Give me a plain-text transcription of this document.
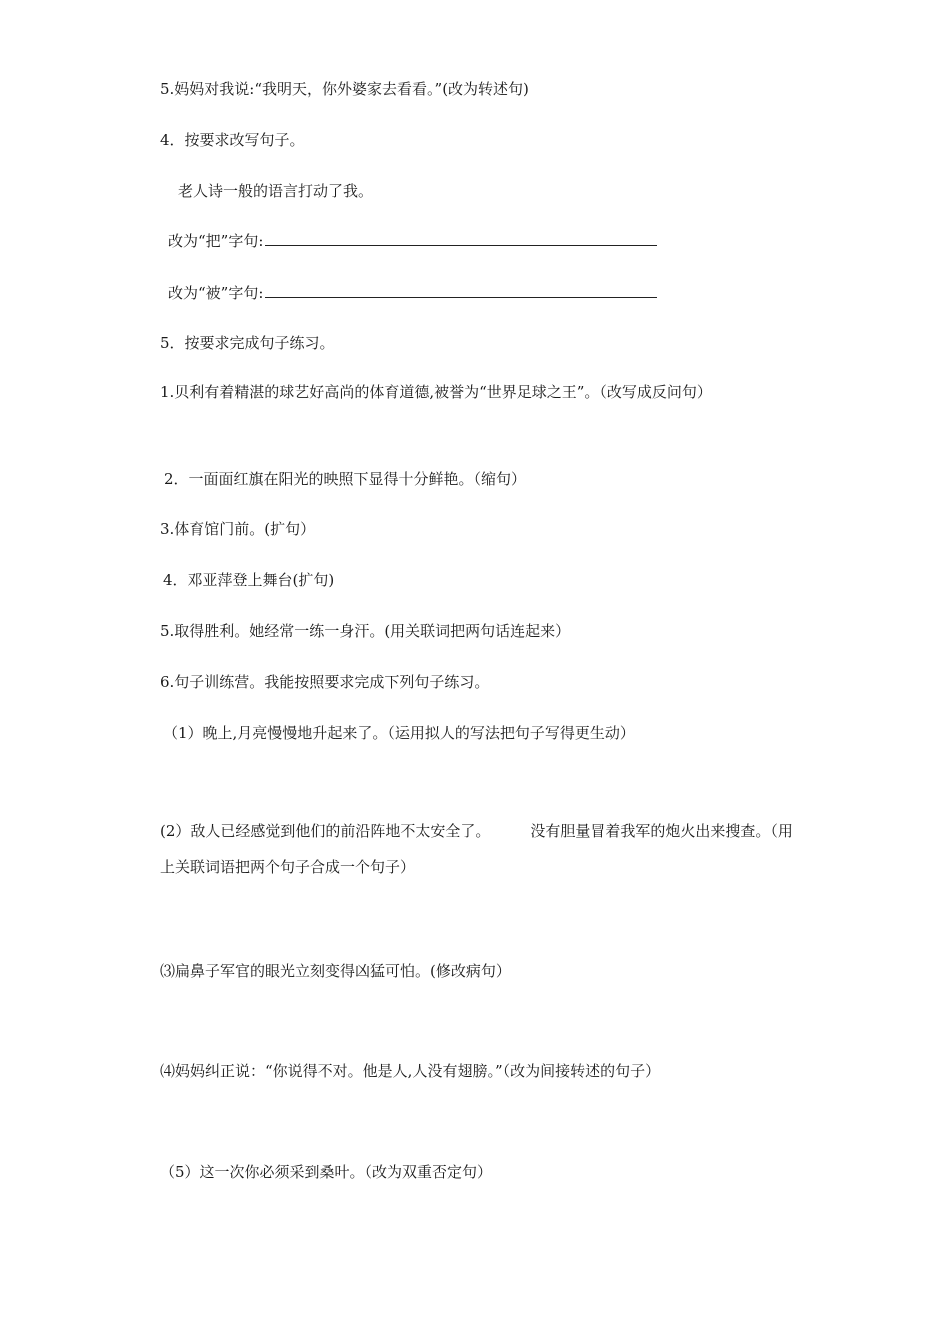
5.妈妈对我说:“我明天，你外婆家去看看。”(改为转述句)
4．按要求改写句子。
老人诗一般的语言打动了我。
改为“把”字句:
改为“被”字句:
5．按要求完成句子练习。
1.贝利有着精湛的球艺好高尚的体育道德,被誉为“世界足球之王”。（改写成反问句）
2．一面面红旗在阳光的映照下显得十分鲜艳。（缩句）
3.体育馆门前。(扩句）
4．邓亚萍登上舞台(扩句)
5.取得胜利。她经常一练一身汗。(用关联词把两句话连起来）
6.句子训练营。我能按照要求完成下列句子练习。
（1）晚上,月亮慢慢地升起来了。（运用拟人的写法把句子写得更生动）
(2）敌人已经感觉到他们的前沿阵地不太安全了。	没有胆量冒着我军的炮火出来搜查。（用上关联词语把两个句子合成一个句子）
⑶扁鼻子军官的眼光立刻变得凶猛可怕。(修改病句）
⑷妈妈纠正说：“你说得不对。他是人,人没有翅膀。”（改为间接转述的句子）
（5）这一次你必须采到桑叶。（改为双重否定句）
